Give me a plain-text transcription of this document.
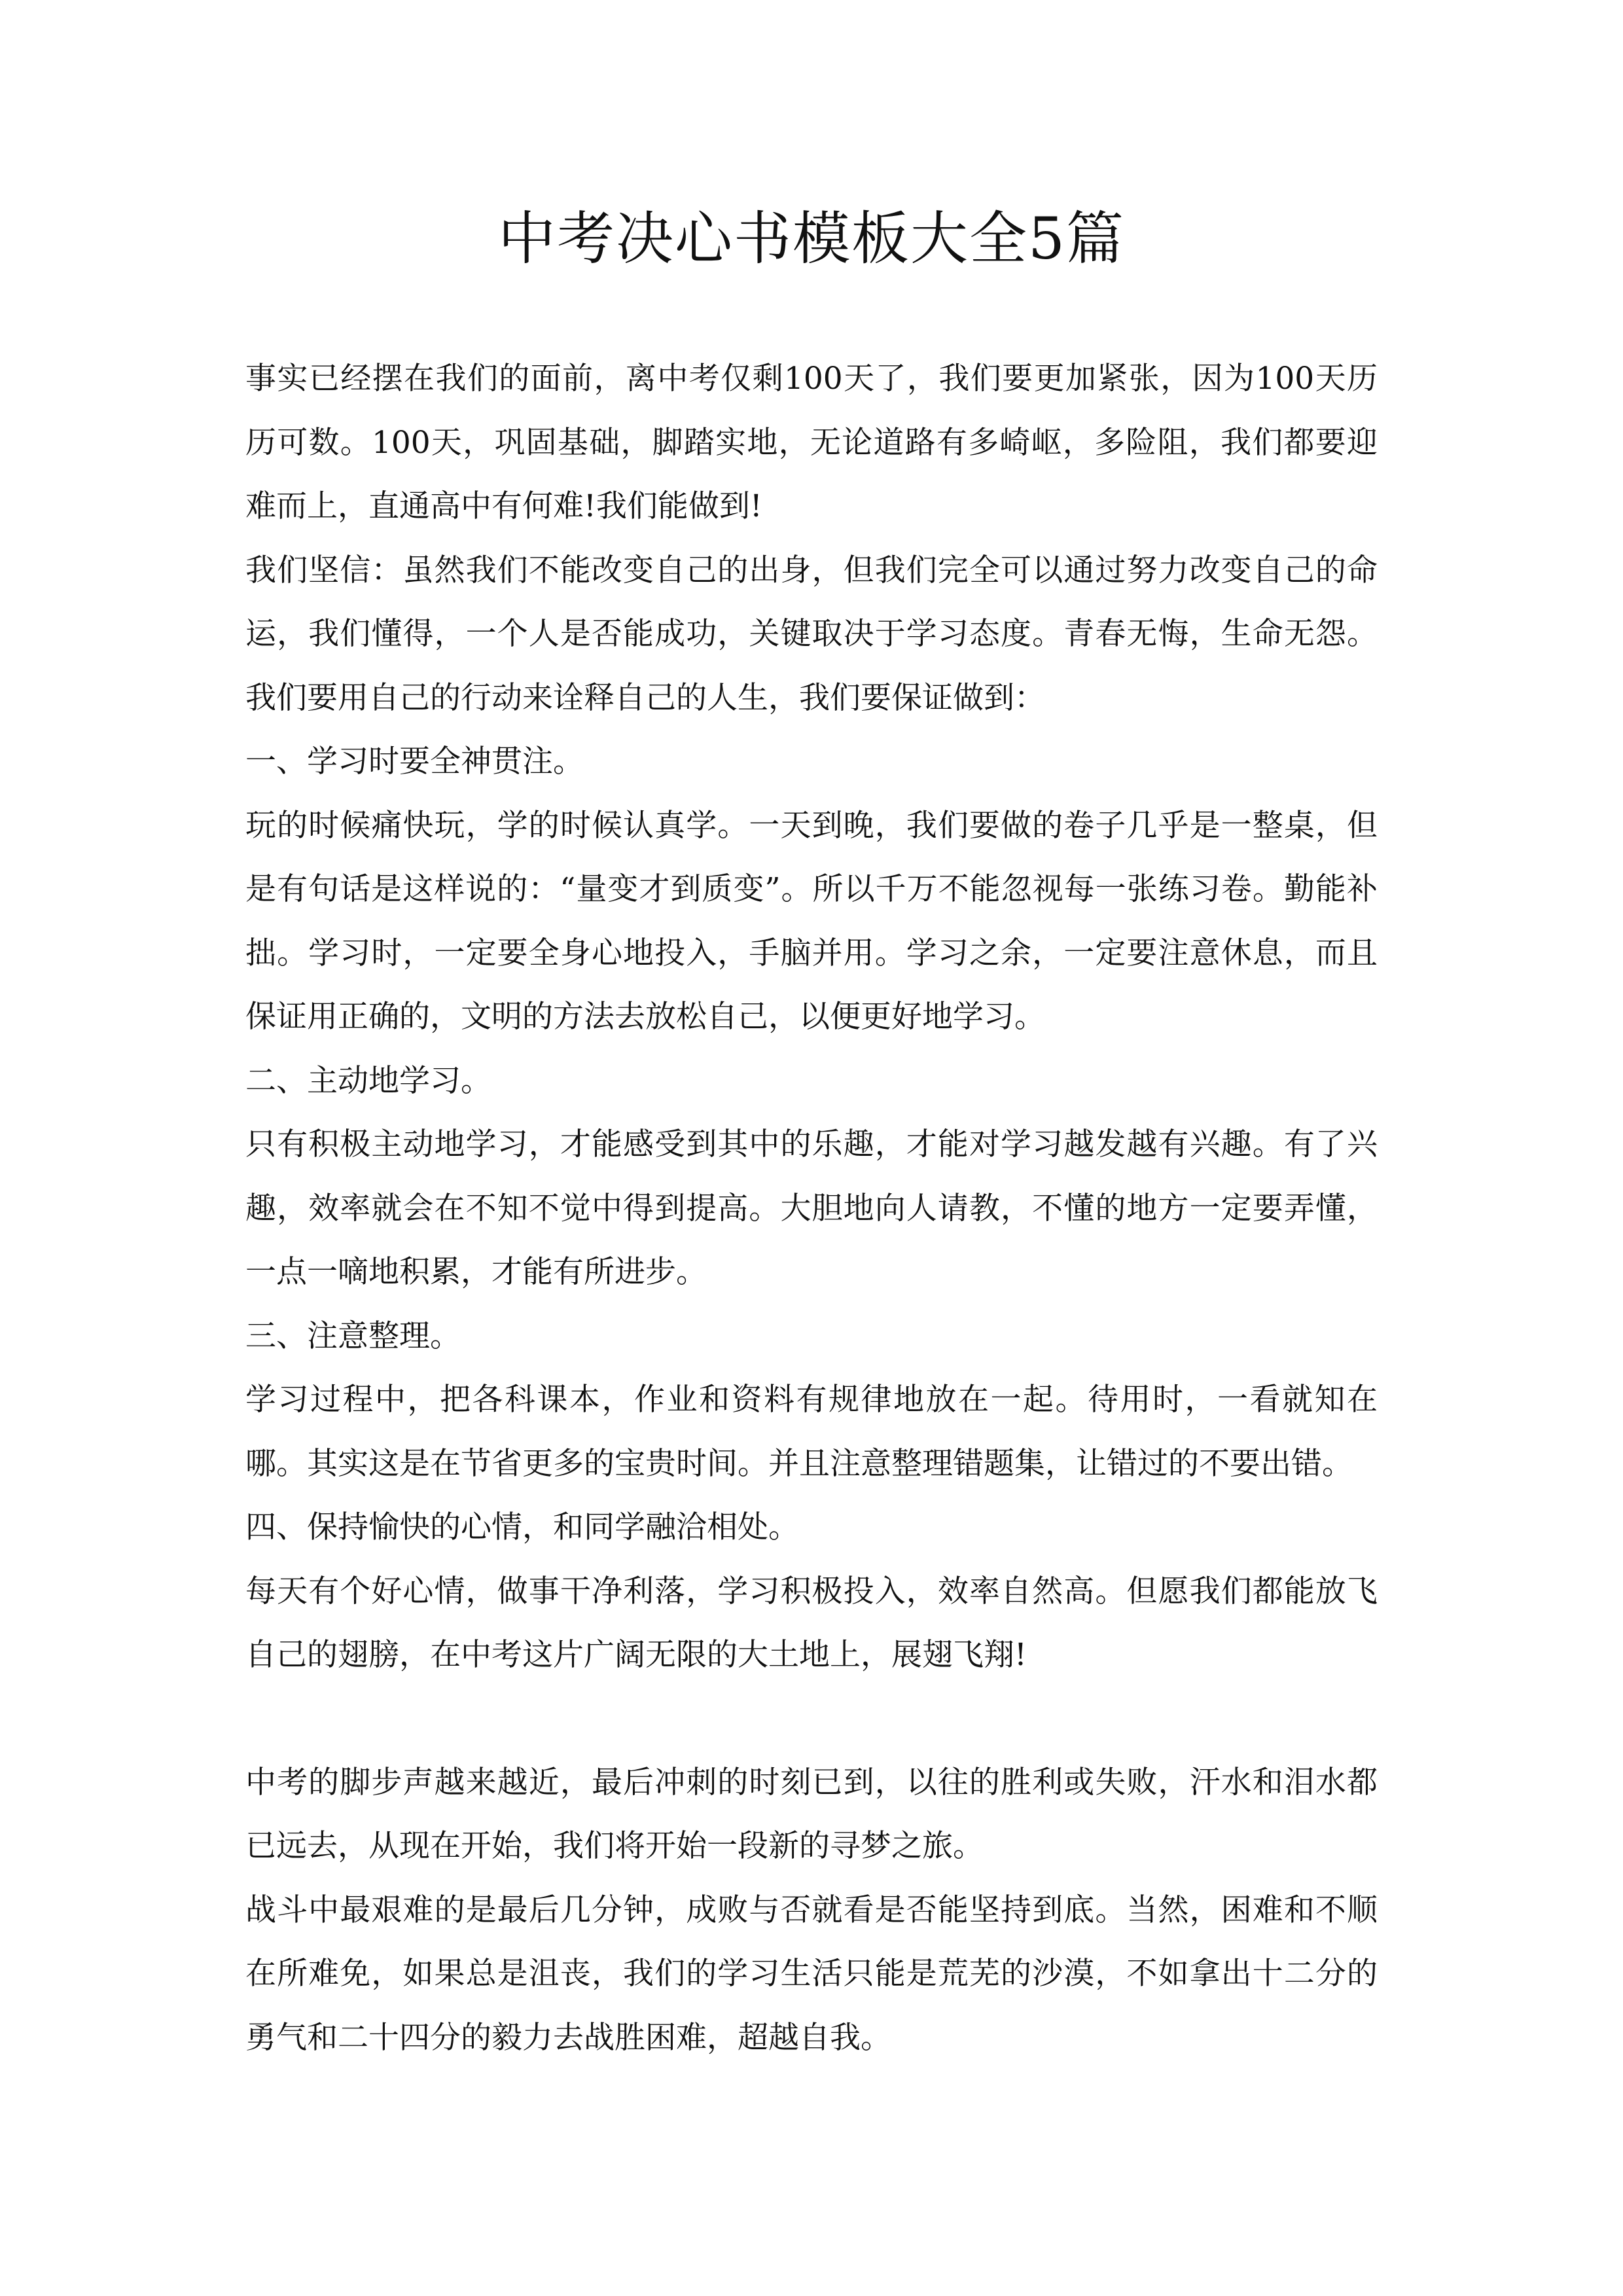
中考决心书模板大全5篇

事实已经摆在我们的面前，离中考仅剩100天了，我们要更加紧张，因为100天历历可数。100天，巩固基础，脚踏实地，无论道路有多崎岖，多险阻，我们都要迎难而上，直通高中有何难!我们能做到!

我们坚信：虽然我们不能改变自己的出身，但我们完全可以通过努力改变自己的命运，我们懂得，一个人是否能成功，关键取决于学习态度。青春无悔，生命无怨。我们要用自己的行动来诠释自己的人生，我们要保证做到：

一、学习时要全神贯注。

玩的时候痛快玩，学的时候认真学。一天到晚，我们要做的卷子几乎是一整桌，但是有句话是这样说的：“量变才到质变”。所以千万不能忽视每一张练习卷。勤能补拙。学习时，一定要全身心地投入，手脑并用。学习之余，一定要注意休息，而且保证用正确的，文明的方法去放松自己，以便更好地学习。

二、主动地学习。

只有积极主动地学习，才能感受到其中的乐趣，才能对学习越发越有兴趣。有了兴趣，效率就会在不知不觉中得到提高。大胆地向人请教，不懂的地方一定要弄懂，一点一嘀地积累，才能有所进步。

三、注意整理。

学习过程中，把各科课本，作业和资料有规律地放在一起。待用时，一看就知在哪。其实这是在节省更多的宝贵时间。并且注意整理错题集，让错过的不要出错。

四、保持愉快的心情，和同学融洽相处。

每天有个好心情，做事干净利落，学习积极投入，效率自然高。但愿我们都能放飞自己的翅膀，在中考这片广阔无限的大土地上，展翅飞翔!

中考的脚步声越来越近，最后冲刺的时刻已到，以往的胜利或失败，汗水和泪水都已远去，从现在开始，我们将开始一段新的寻梦之旅。

战斗中最艰难的是最后几分钟，成败与否就看是否能坚持到底。当然，困难和不顺在所难免，如果总是沮丧，我们的学习生活只能是荒芜的沙漠，不如拿出十二分的勇气和二十四分的毅力去战胜困难，超越自我。
